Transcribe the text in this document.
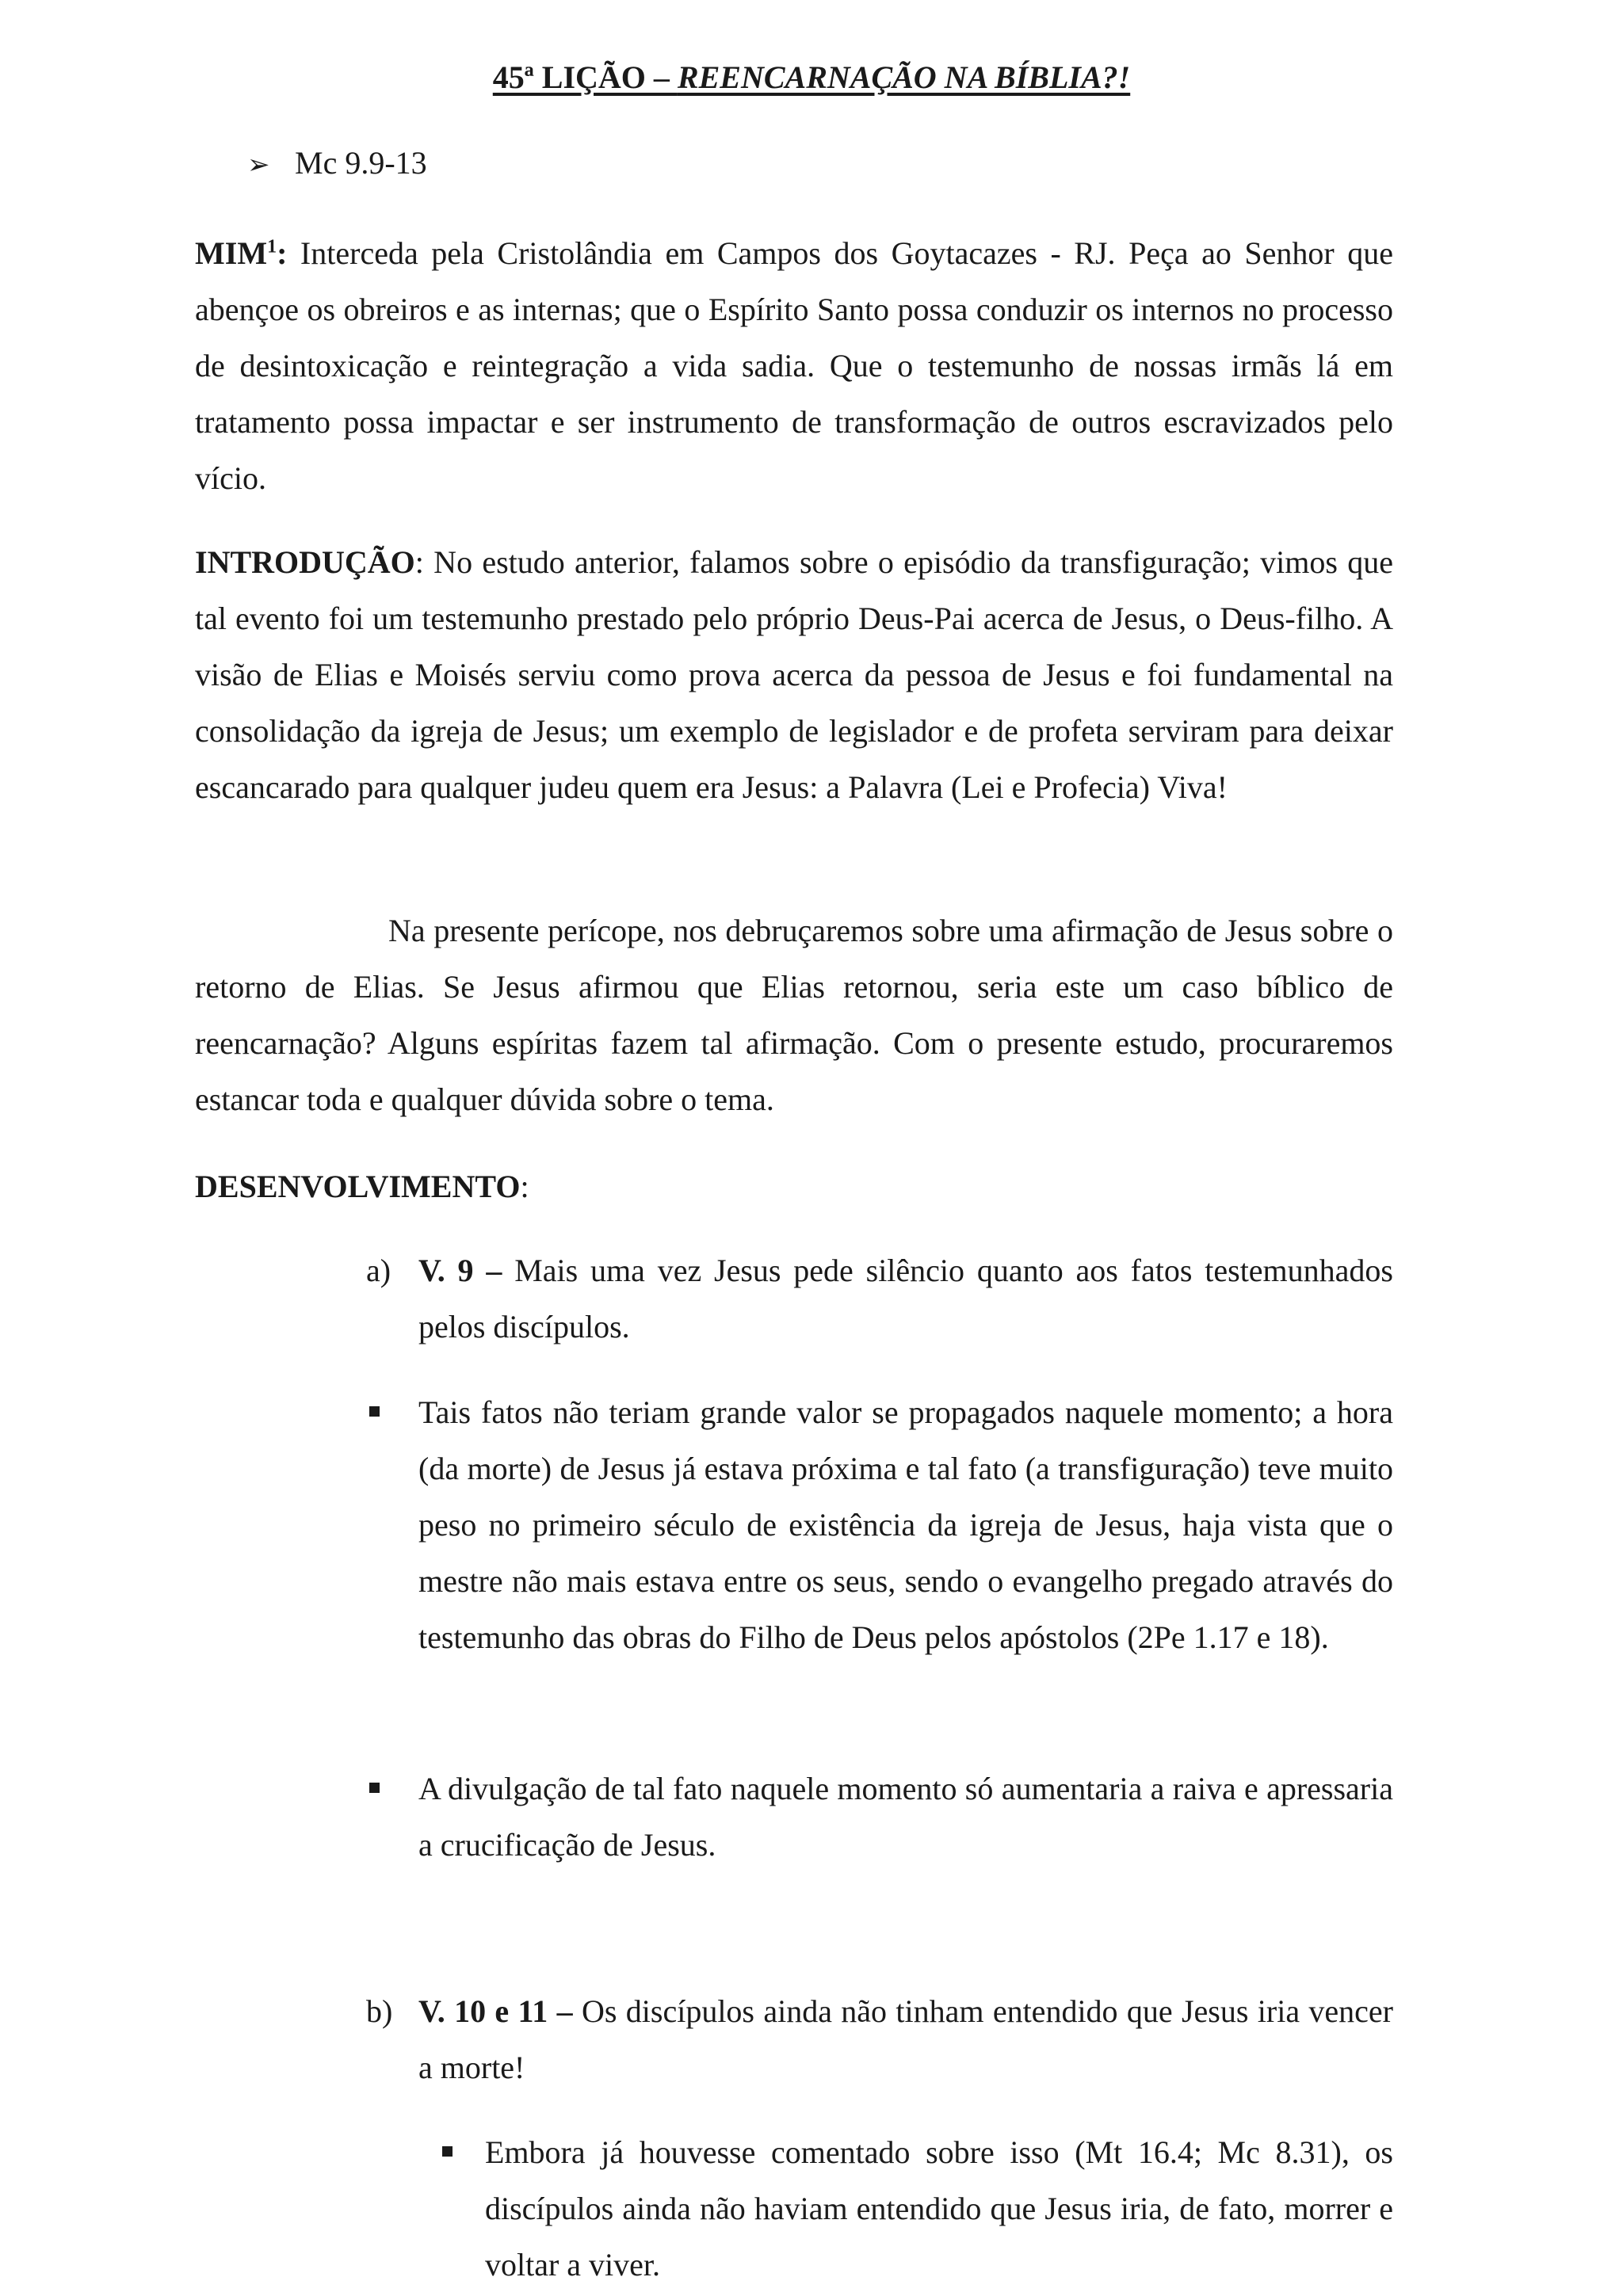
45ª LIÇÃO – REENCARNAÇÃO NA BÍBLIA?!
➢ Mc 9.9-13
MIM$^1$: Interceda pela Cristolândia em Campos dos Goytacazes - RJ. Peça ao Senhor que abençoe os obreiros e as internas; que o Espírito Santo possa conduzir os internos no processo de desintoxicação e reintegração a vida sadia. Que o testemunho de nossas irmãs lá em tratamento possa impactar e ser instrumento de transformação de outros escravizados pelo vício.
INTRODUÇÃO: No estudo anterior, falamos sobre o episódio da transfiguração; vimos que tal evento foi um testemunho prestado pelo próprio Deus-Pai acerca de Jesus, o Deus-filho. A visão de Elias e Moisés serviu como prova acerca da pessoa de Jesus e foi fundamental na consolidação da igreja de Jesus; um exemplo de legislador e de profeta serviram para deixar escancarado para qualquer judeu quem era Jesus: a Palavra (Lei e Profecia) Viva!
Na presente perícope, nos debruçaremos sobre uma afirmação de Jesus sobre o retorno de Elias. Se Jesus afirmou que Elias retornou, seria este um caso bíblico de reencarnação? Alguns espíritas fazem tal afirmação. Com o presente estudo, procuraremos estancar toda e qualquer dúvida sobre o tema.
DESENVOLVIMENTO:
a) V. 9 – Mais uma vez Jesus pede silêncio quanto aos fatos testemunhados pelos discípulos.
Tais fatos não teriam grande valor se propagados naquele momento; a hora (da morte) de Jesus já estava próxima e tal fato (a transfiguração) teve muito peso no primeiro século de existência da igreja de Jesus, haja vista que o mestre não mais estava entre os seus, sendo o evangelho pregado através do testemunho das obras do Filho de Deus pelos apóstolos (2Pe 1.17 e 18).
A divulgação de tal fato naquele momento só aumentaria a raiva e apressaria a crucificação de Jesus.
b) V. 10 e 11 – Os discípulos ainda não tinham entendido que Jesus iria vencer a morte!
Embora já houvesse comentado sobre isso (Mt 16.4; Mc 8.31), os discípulos ainda não haviam entendido que Jesus iria, de fato, morrer e voltar a viver.
